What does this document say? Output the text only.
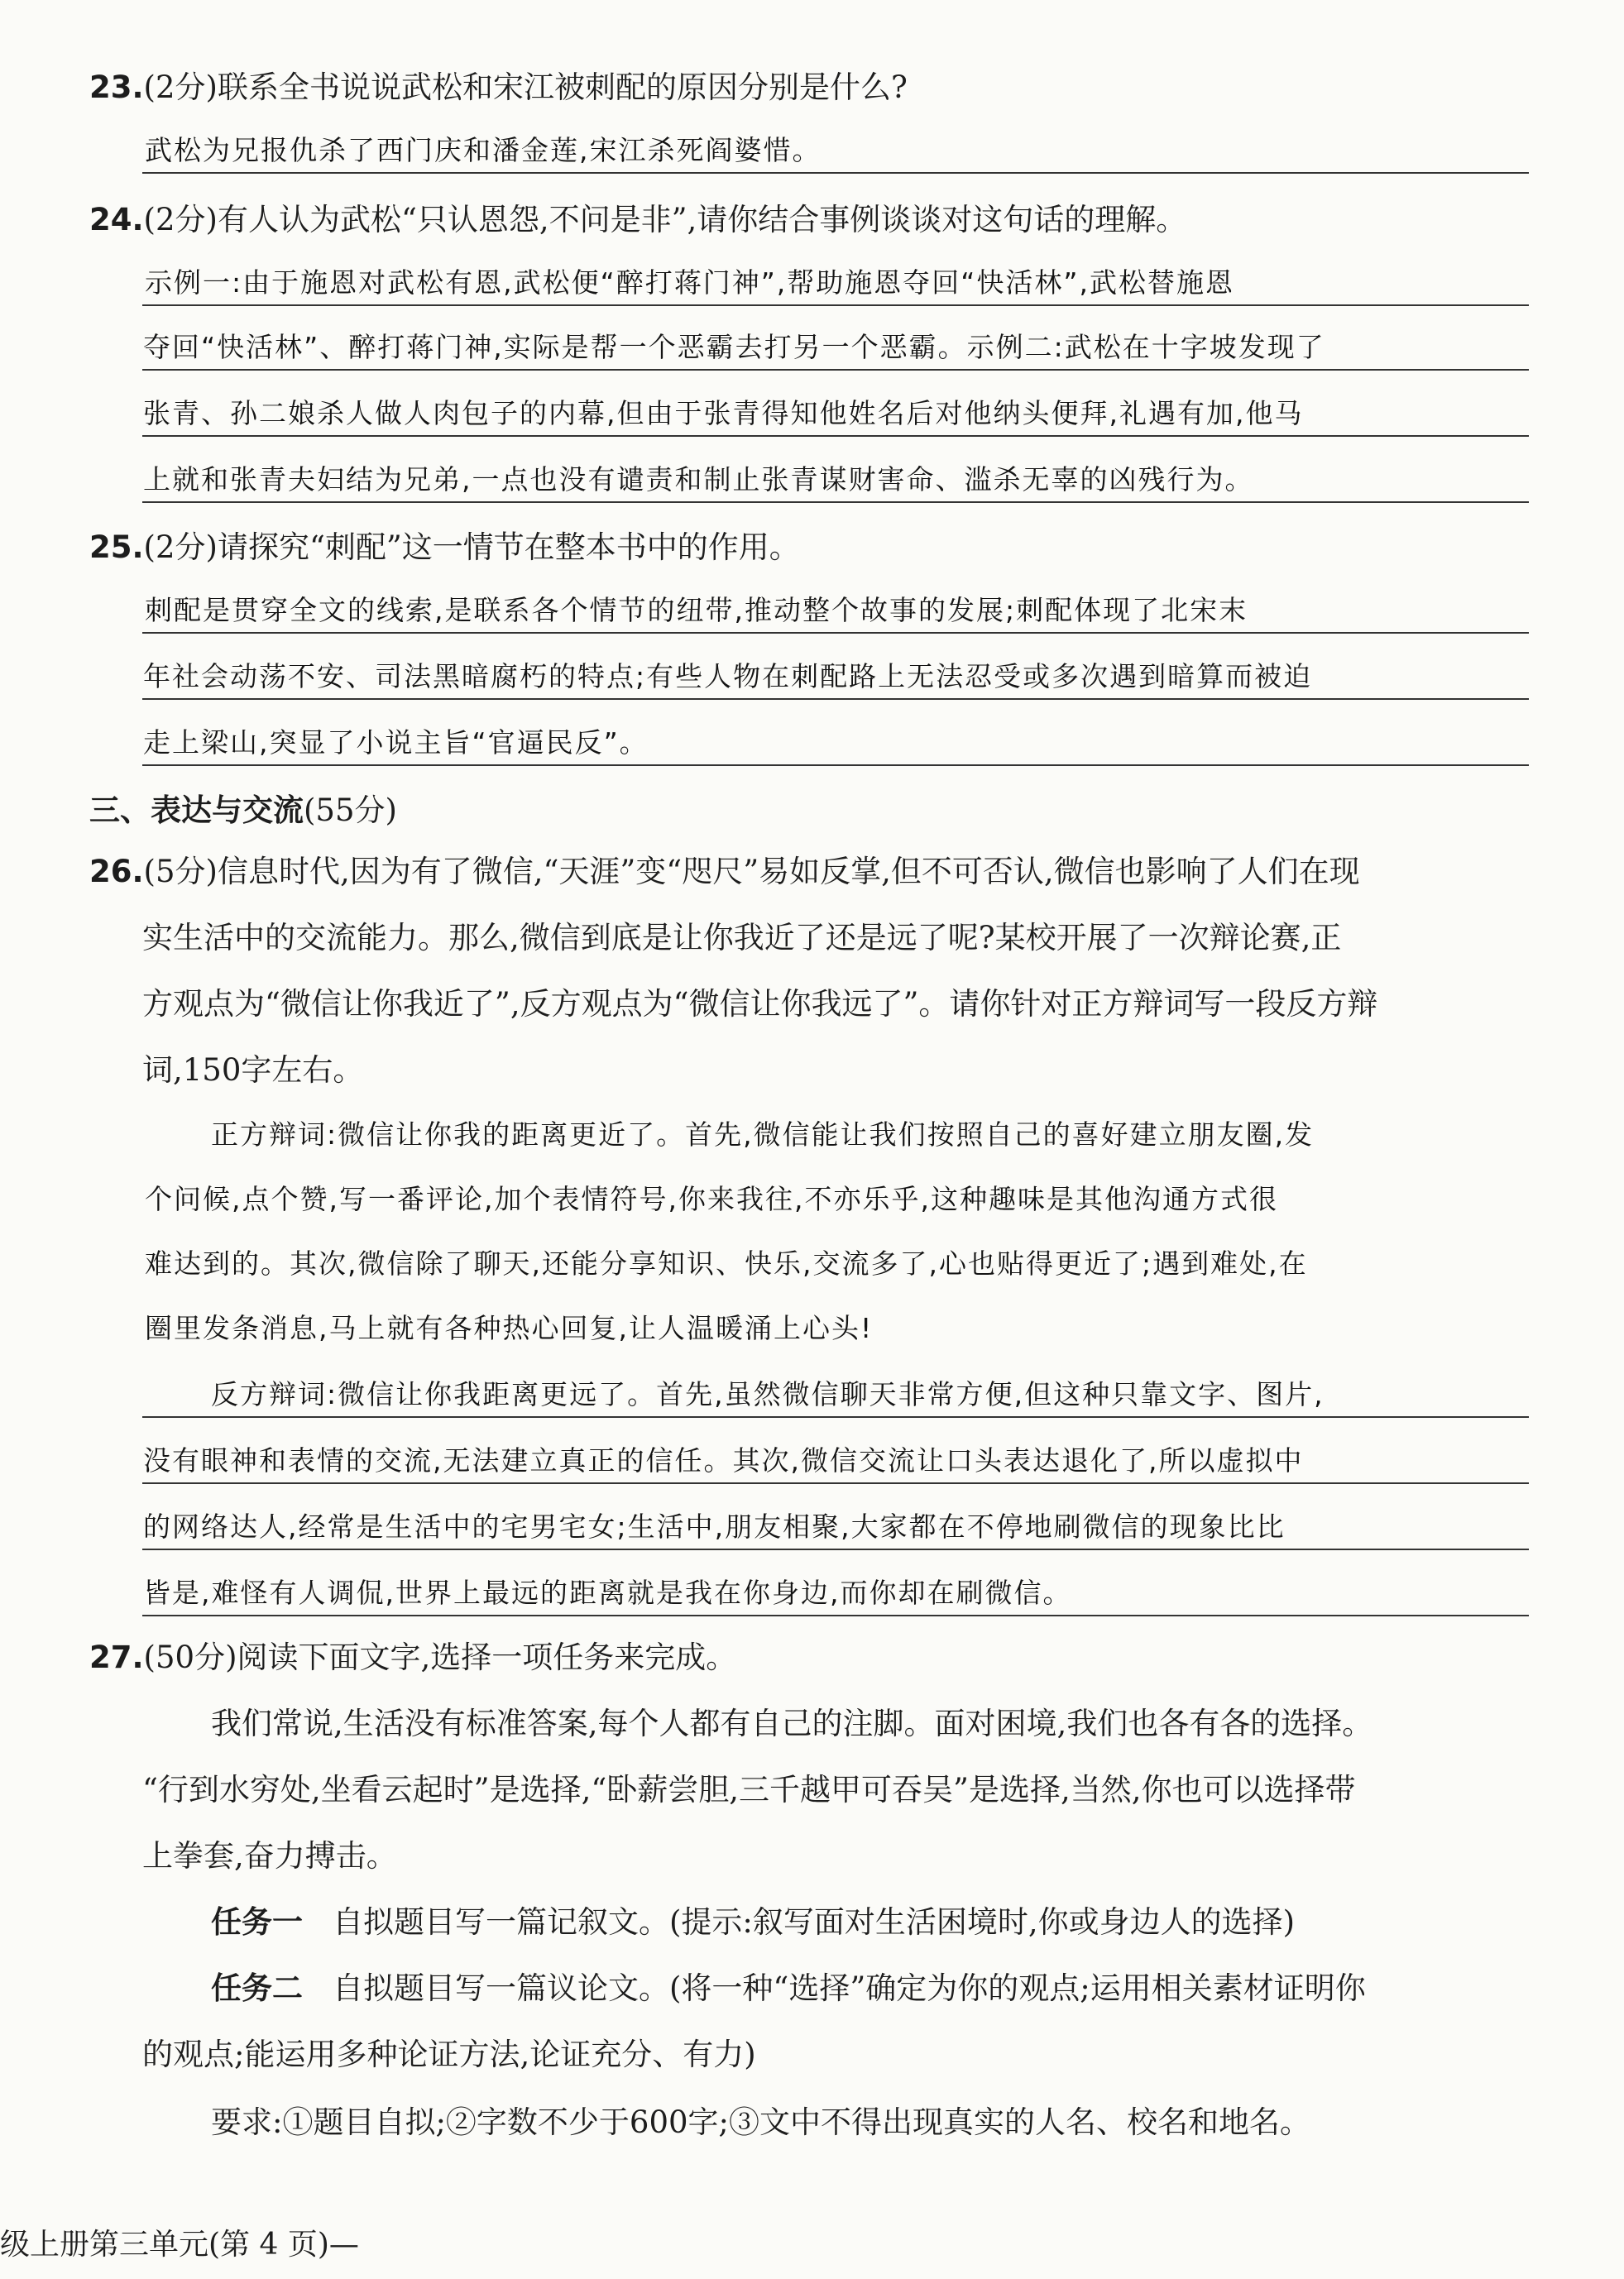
23.(2分)联系全书说说武松和宋江被刺配的原因分别是什么?
武松为兄报仇杀了西门庆和潘金莲,宋江杀死阎婆惜。
24.(2分)有人认为武松“只认恩怨,不问是非”,请你结合事例谈谈对这句话的理解。
示例一:由于施恩对武松有恩,武松便“醉打蒋门神”,帮助施恩夺回“快活林”,武松替施恩
夺回“快活林”、醉打蒋门神,实际是帮一个恶霸去打另一个恶霸。示例二:武松在十字坡发现了
张青、孙二娘杀人做人肉包子的内幕,但由于张青得知他姓名后对他纳头便拜,礼遇有加,他马
上就和张青夫妇结为兄弟,一点也没有谴责和制止张青谋财害命、滥杀无辜的凶残行为。
25.(2分)请探究“刺配”这一情节在整本书中的作用。
刺配是贯穿全文的线索,是联系各个情节的纽带,推动整个故事的发展;刺配体现了北宋末
年社会动荡不安、司法黑暗腐朽的特点;有些人物在刺配路上无法忍受或多次遇到暗算而被迫
走上梁山,突显了小说主旨“官逼民反”。
三、表达与交流(55分)
26.(5分)信息时代,因为有了微信,“天涯”变“咫尺”易如反掌,但不可否认,微信也影响了人们在现
实生活中的交流能力。那么,微信到底是让你我近了还是远了呢?某校开展了一次辩论赛,正
方观点为“微信让你我近了”,反方观点为“微信让你我远了”。请你针对正方辩词写一段反方辩
词,150字左右。
正方辩词:微信让你我的距离更近了。首先,微信能让我们按照自己的喜好建立朋友圈,发
个问候,点个赞,写一番评论,加个表情符号,你来我往,不亦乐乎,这种趣味是其他沟通方式很
难达到的。其次,微信除了聊天,还能分享知识、快乐,交流多了,心也贴得更近了;遇到难处,在
圈里发条消息,马上就有各种热心回复,让人温暖涌上心头!
反方辩词:微信让你我距离更远了。首先,虽然微信聊天非常方便,但这种只靠文字、图片,
没有眼神和表情的交流,无法建立真正的信任。其次,微信交流让口头表达退化了,所以虚拟中
的网络达人,经常是生活中的宅男宅女;生活中,朋友相聚,大家都在不停地刷微信的现象比比
皆是,难怪有人调侃,世界上最远的距离就是我在你身边,而你却在刷微信。
27.(50分)阅读下面文字,选择一项任务来完成。
我们常说,生活没有标准答案,每个人都有自己的注脚。面对困境,我们也各有各的选择。
“行到水穷处,坐看云起时”是选择,“卧薪尝胆,三千越甲可吞吴”是选择,当然,你也可以选择带
上拳套,奋力搏击。
任务一 自拟题目写一篇记叙文。(提示:叙写面对生活困境时,你或身边人的选择)
任务二 自拟题目写一篇议论文。(将一种“选择”确定为你的观点;运用相关素材证明你
的观点;能运用多种论证方法,论证充分、有力)
要求:①题目自拟;②字数不少于600字;③文中不得出现真实的人名、校名和地名。
级上册第三单元(第 4 页)—
